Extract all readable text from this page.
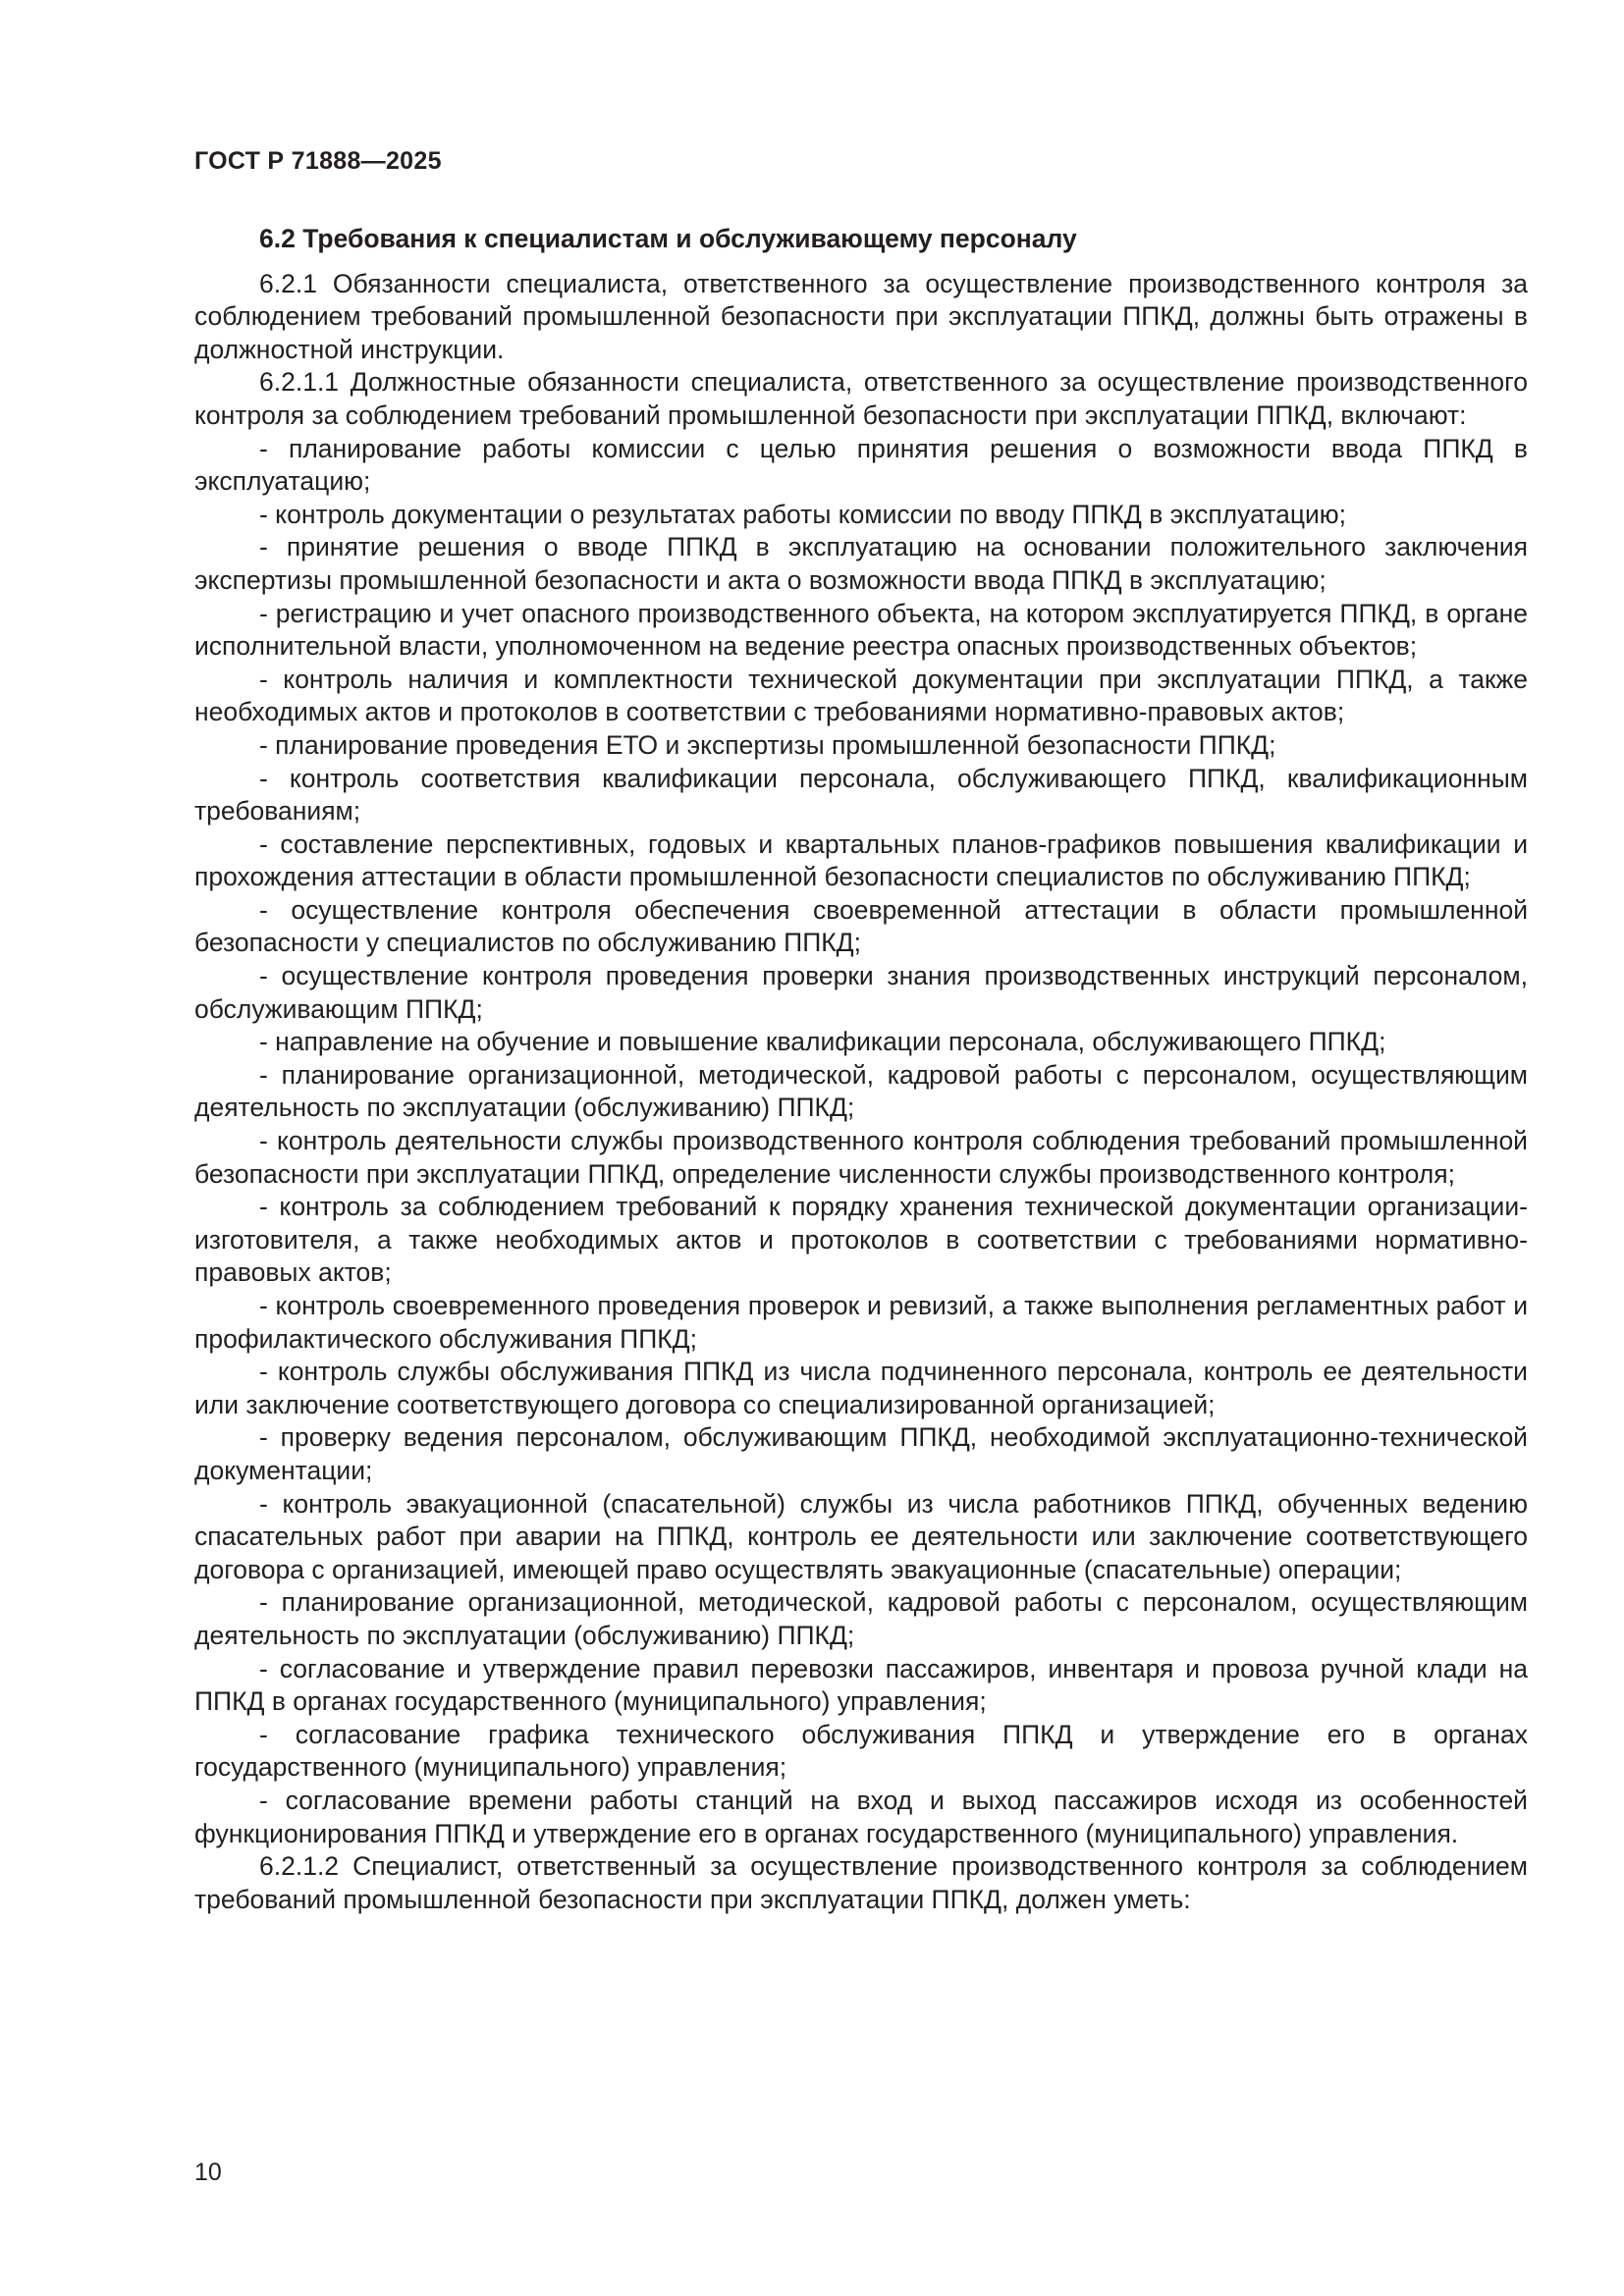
ГОСТ Р 71888—2025
6.2 Требования к специалистам и обслуживающему персоналу

6.2.1 Обязанности специалиста, ответственного за осуществление производственного контроля за соблюдением требований промышленной безопасности при эксплуатации ППКД, должны быть отражены в должностной инструкции.

6.2.1.1 Должностные обязанности специалиста, ответственного за осуществление производственного контроля за соблюдением требований промышленной безопасности при эксплуатации ППКД, включают:

- планирование работы комиссии с целью принятия решения о возможности ввода ППКД в эксплуатацию;

- контроль документации о результатах работы комиссии по вводу ППКД в эксплуатацию;

- принятие решения о вводе ППКД в эксплуатацию на основании положительного заключения экспертизы промышленной безопасности и акта о возможности ввода ППКД в эксплуатацию;

- регистрацию и учет опасного производственного объекта, на котором эксплуатируется ППКД, в органе исполнительной власти, уполномоченном на ведение реестра опасных производственных объектов;

- контроль наличия и комплектности технической документации при эксплуатации ППКД, а также необходимых актов и протоколов в соответствии с требованиями нормативно-правовых актов;

- планирование проведения ЕТО и экспертизы промышленной безопасности ППКД;

- контроль соответствия квалификации персонала, обслуживающего ППКД, квалификационным требованиям;

- составление перспективных, годовых и квартальных планов-графиков повышения квалификации и прохождения аттестации в области промышленной безопасности специалистов по обслуживанию ППКД;

- осуществление контроля обеспечения своевременной аттестации в области промышленной безопасности у специалистов по обслуживанию ППКД;

- осуществление контроля проведения проверки знания производственных инструкций персоналом, обслуживающим ППКД;

- направление на обучение и повышение квалификации персонала, обслуживающего ППКД;

- планирование организационной, методической, кадровой работы с персоналом, осуществляющим деятельность по эксплуатации (обслуживанию) ППКД;

- контроль деятельности службы производственного контроля соблюдения требований промышленной безопасности при эксплуатации ППКД, определение численности службы производственного контроля;

- контроль за соблюдением требований к порядку хранения технической документации организации-изготовителя, а также необходимых актов и протоколов в соответствии с требованиями нормативно-правовых актов;

- контроль своевременного проведения проверок и ревизий, а также выполнения регламентных работ и профилактического обслуживания ППКД;

- контроль службы обслуживания ППКД из числа подчиненного персонала, контроль ее деятельности или заключение соответствующего договора со специализированной организацией;

- проверку ведения персоналом, обслуживающим ППКД, необходимой эксплуатационно-технической документации;

- контроль эвакуационной (спасательной) службы из числа работников ППКД, обученных ведению спасательных работ при аварии на ППКД, контроль ее деятельности или заключение соответствующего договора с организацией, имеющей право осуществлять эвакуационные (спасательные) операции;

- планирование организационной, методической, кадровой работы с персоналом, осуществляющим деятельность по эксплуатации (обслуживанию) ППКД;

- согласование и утверждение правил перевозки пассажиров, инвентаря и провоза ручной клади на ППКД в органах государственного (муниципального) управления;

- согласование графика технического обслуживания ППКД и утверждение его в органах государственного (муниципального) управления;

- согласование времени работы станций на вход и выход пассажиров исходя из особенностей функционирования ППКД и утверждение его в органах государственного (муниципального) управления.

6.2.1.2 Специалист, ответственный за осуществление производственного контроля за соблюдением требований промышленной безопасности при эксплуатации ППКД, должен уметь:

10
